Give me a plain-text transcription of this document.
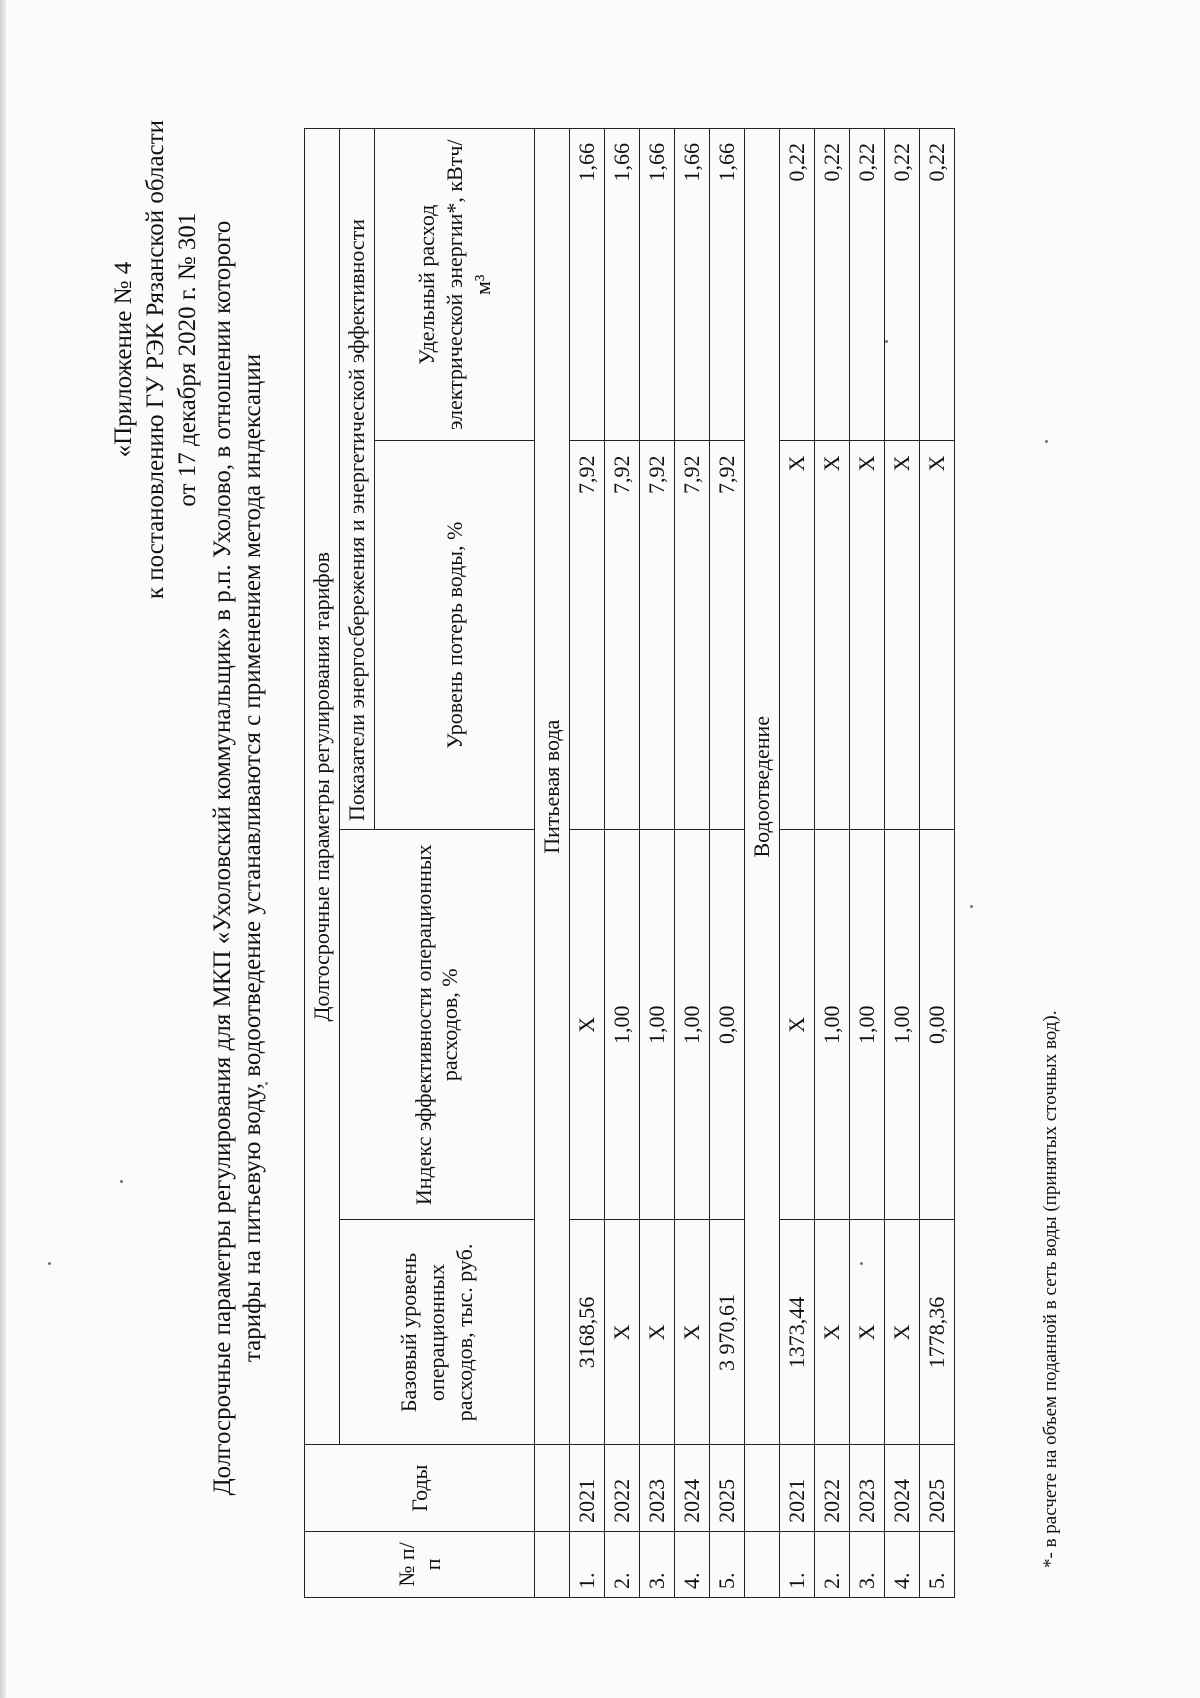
«Приложение № 4 к постановлению ГУ РЭК Рязанской области от 17 декабря 2020 г. № 301 Долгосрочные параметры регулирования для МКП «Ухоловский коммунальщик» в р.п. Ухолово, в отношении которого тарифы на питьевую воду, водоотведение устанавливаются с применением метода индексации
№ п/п	Годы	Долгосрочные параметры регулирования тарифов			
		Базовый уровень операционных расходов, тыс. руб.	Индекс эффективности операционных расходов, %	Показатели энергосбережения и энергетической эффективности	
				Уровень потерь воды, %	Удельный расход электрической энергии*, кВтч/м³
		Питьевая вода			
1.	2021	3168,56	Х	7,92	1,66
2.	2022	Х	1,00	7,92	1,66
3.	2023	Х	1,00	7,92	1,66
4.	2024	Х	1,00	7,92	1,66
5.	2025	3 970,61	0,00	7,92	1,66
		Водоотведение			
1.	2021	1373,44	Х	Х	0,22
2.	2022	Х	1,00	Х	0,22
3.	2023	Х	1,00	Х	0,22
4.	2024	Х	1,00	Х	0,22
5.	2025	1778,36	0,00	Х	0,22
*- в расчете на объем поданной в сеть воды (принятых сточных вод).
